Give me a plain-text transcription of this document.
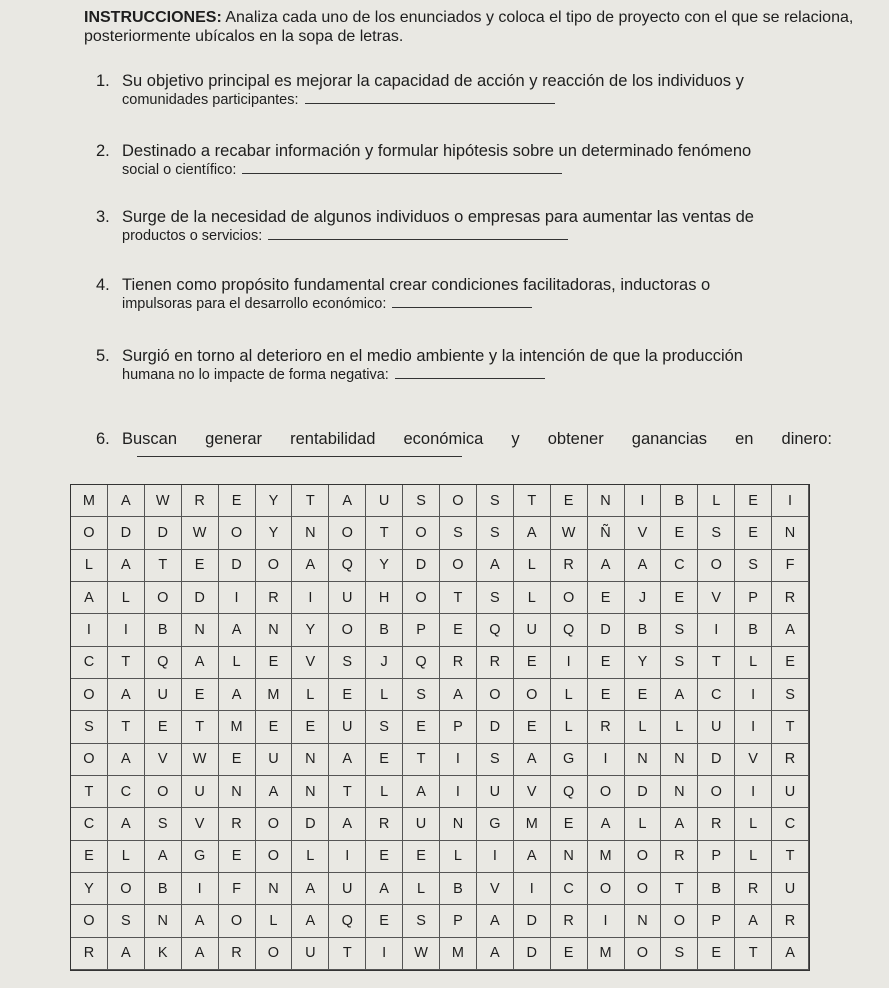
INSTRUCCIONES: Analiza cada uno de los enunciados y coloca el tipo de proyecto con el que se relaciona, posteriormente ubícalos en la sopa de letras.
1. Su objetivo principal es mejorar la capacidad de acción y reacción de los individuos y
comunidades participantes:
2. Destinado a recabar información y formular hipótesis sobre un determinado fenómeno
social o científico:
3. Surge de la necesidad de algunos individuos o empresas para aumentar las ventas de
productos o servicios:
4. Tienen como propósito fundamental crear condiciones facilitadoras, inductoras o
impulsoras para el desarrollo económico:
5. Surgió en torno al deterioro en el medio ambiente y la intención de que la producción
humana no lo impacte de forma negativa:
6. Buscan generar rentabilidad económica y obtener ganancias en dinero:
M	A	W	R	E	Y	T	A	U	S	O	S	T	E	N	I	B	L	E	I
O	D	D	W	O	Y	N	O	T	O	S	S	A	W	Ñ	V	E	S	E	N
L	A	T	E	D	O	A	Q	Y	D	O	A	L	R	A	A	C	O	S	F
A	L	O	D	I	R	I	U	H	O	T	S	L	O	E	J	E	V	P	R
I	I	B	N	A	N	Y	O	B	P	E	Q	U	Q	D	B	S	I	B	A
C	T	Q	A	L	E	V	S	J	Q	R	R	E	I	E	Y	S	T	L	E
O	A	U	E	A	M	L	E	L	S	A	O	O	L	E	E	A	C	I	S
S	T	E	T	M	E	E	U	S	E	P	D	E	L	R	L	L	U	I	T
O	A	V	W	E	U	N	A	E	T	I	S	A	G	I	N	N	D	V	R
T	C	O	U	N	A	N	T	L	A	I	U	V	Q	O	D	N	O	I	U
C	A	S	V	R	O	D	A	R	U	N	G	M	E	A	L	A	R	L	C
E	L	A	G	E	O	L	I	E	E	L	I	A	N	M	O	R	P	L	T
Y	O	B	I	F	N	A	U	A	L	B	V	I	C	O	O	T	B	R	U
O	S	N	A	O	L	A	Q	E	S	P	A	D	R	I	N	O	P	A	R
R	A	K	A	R	O	U	T	I	W	M	A	D	E	M	O	S	E	T	A
